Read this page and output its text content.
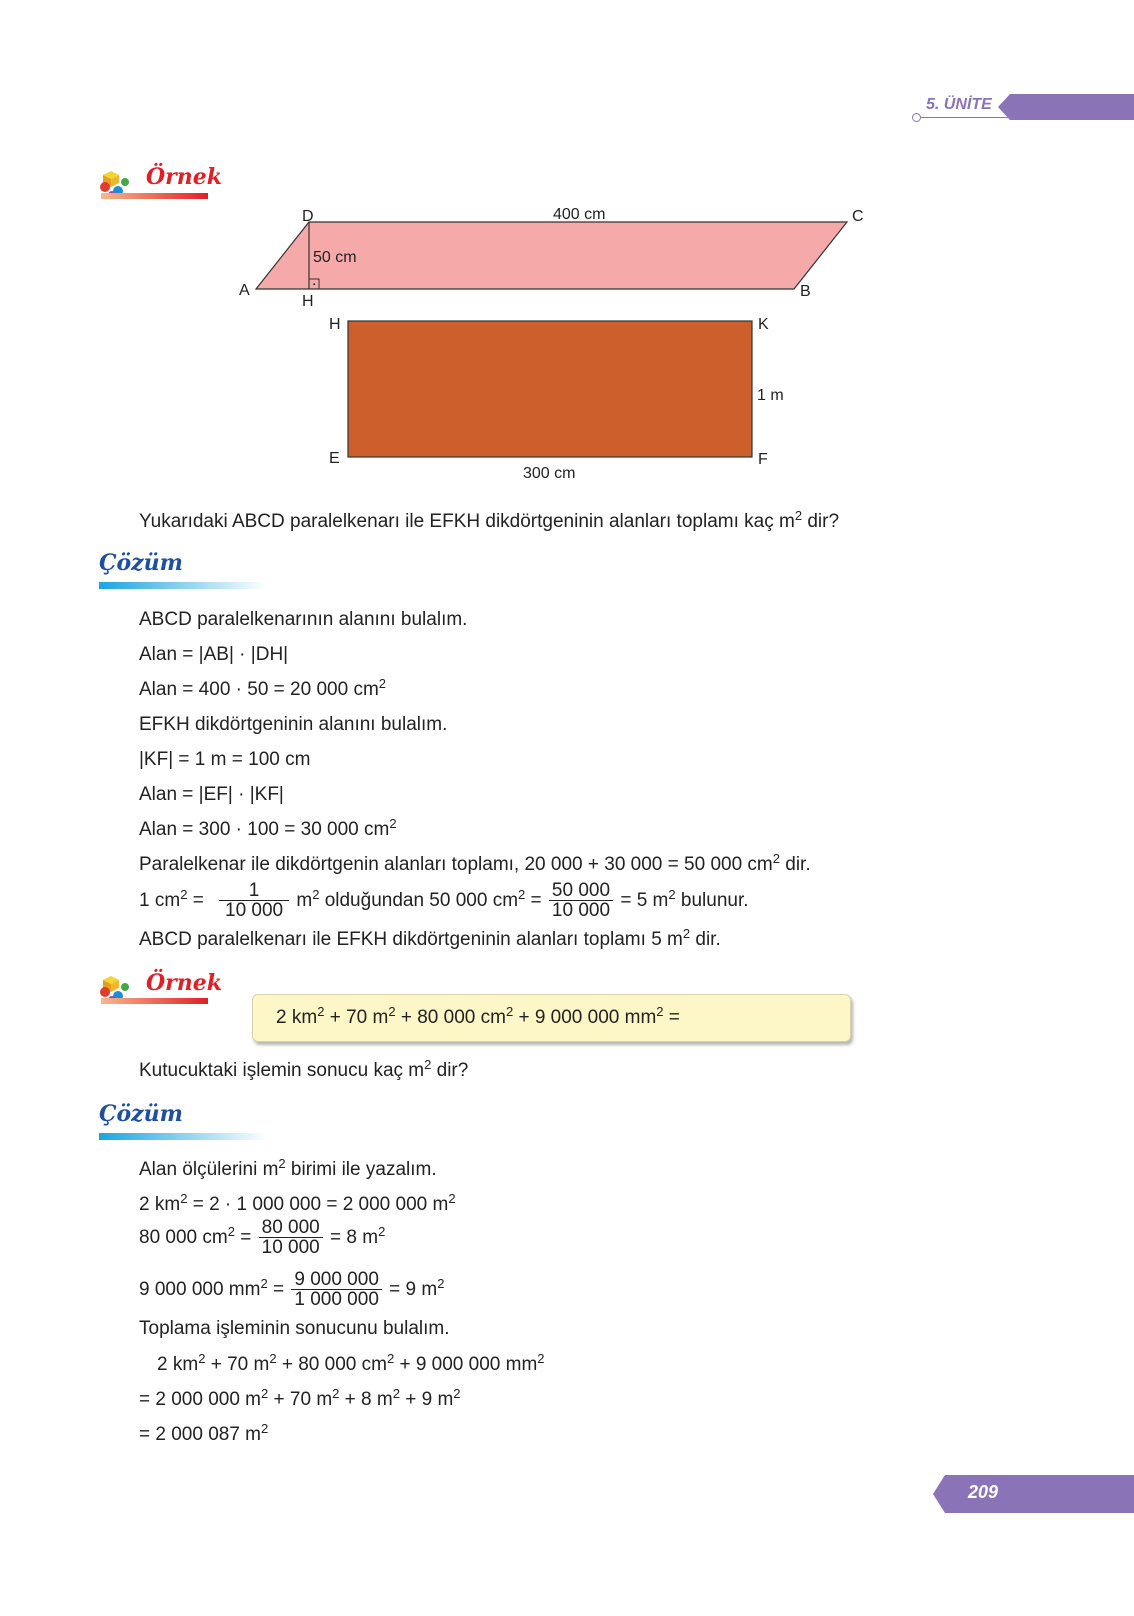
5. ÜNİTE
Örnek
.
D	C
A	B
H
400 cm
50 cm
H	K
E	F
1 m
300 cm
Yukarıdaki ABCD paralelkenarı ile EFKH dikdörtgeninin alanları toplamı kaç $m^2$ dir?
Çözüm
ABCD paralelkenarının alanını bulalım.
Alan = |AB| · |DH|
Alan = 400 · 50 = 20 000 $cm^2$
EFKH dikdörtgeninin alanını bulalım.
|KF| = 1 m = 100 cm
Alan = |EF| · |KF|
Alan = 300 · 100 = 30 000 $cm^2$
Paralelkenar ile dikdörtgenin alanları toplamı, 20 000 + 30 000 = 50 000 $cm^2$ dir.
1 $cm^2 = \frac{1}{10 000} m^2$ olduğundan 50 000 $cm^2 = \frac{50 000}{10 000} = 5$ $m^2$ bulunur.
ABCD paralelkenarı ile EFKH dikdörtgeninin alanları toplamı 5 $m^2$ dir.
Örnek
2 $km^2 + 70$ $m^2 + 80$ 000 $cm^2 + 9$ 000 000 $mm^2$ =
Kutucuktaki işlemin sonucu kaç $m^2$ dir?
Çözüm
Alan ölçülerini $m^2$ birimi ile yazalım.
2 $km^2 = 2 \cdot 1$ 000 000 = 2 000 000 $m^2$
80 000 $cm^2 = \frac{80 000}{10 000} = 8$ $m^2$
9 000 000 $mm^2 = \frac{9 000 000}{1 000 000} = 9$ $m^2$
Toplama işleminin sonucunu bulalım.
2 $km^2 + 70$ $m^2 + 80$ 000 $cm^2 + 9$ 000 000 $mm^2$
= 2 000 000 $m^2 + 70$ $m^2 + 8$ $m^2 + 9$ $m^2$
= 2 000 087 $m^2$
209
